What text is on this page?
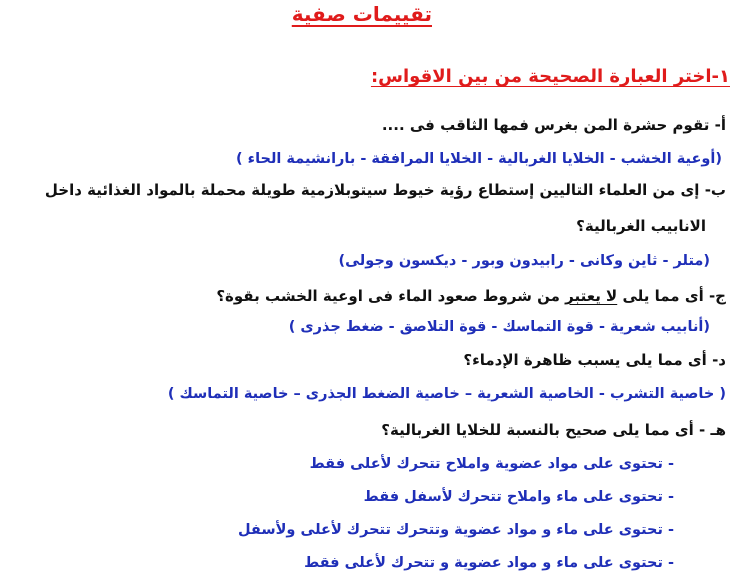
تقييمات صفية
١-اختر العبارة الصحيحة من بين الاقواس:
أ- تقوم حشرة المن بغرس فمها الثاقب فى ....
(أوعية الخشب - الخلايا الغربالية - الخلايا المرافقة - بارانشيمة الحاء )
ب- إى من العلماء التاليين إستطاع رؤية خيوط سيتوبلازمية طويلة محملة بالمواد الغذائية داخل
الانابيب الغربالية؟
(متلر - ثاين وكانى - رابيدون وبور - ديكسون وجولى)
ج- أى مما يلى لا يعتبر من شروط صعود الماء فى اوعية الخشب بقوة؟
(أنابيب شعرية - قوة التماسك - قوة التلاصق - ضغط جذرى )
د- أى مما يلى يسبب ظاهرة الإدماء؟
( خاصية التشرب - الخاصية الشعرية – خاصية الضغط الجذرى – خاصية التماسك )
هـ - أى مما يلى صحيح بالنسبة للخلايا الغربالية؟
- تحتوى على مواد عضوية واملاح تتحرك لأعلى فقط
- تحتوى على ماء واملاح تتحرك لأسفل فقط
- تحتوى على ماء و مواد عضوية وتتحرك تتحرك لأعلى ولأسفل
- تحتوى على ماء و مواد عضوية و تتحرك لأعلى فقط
